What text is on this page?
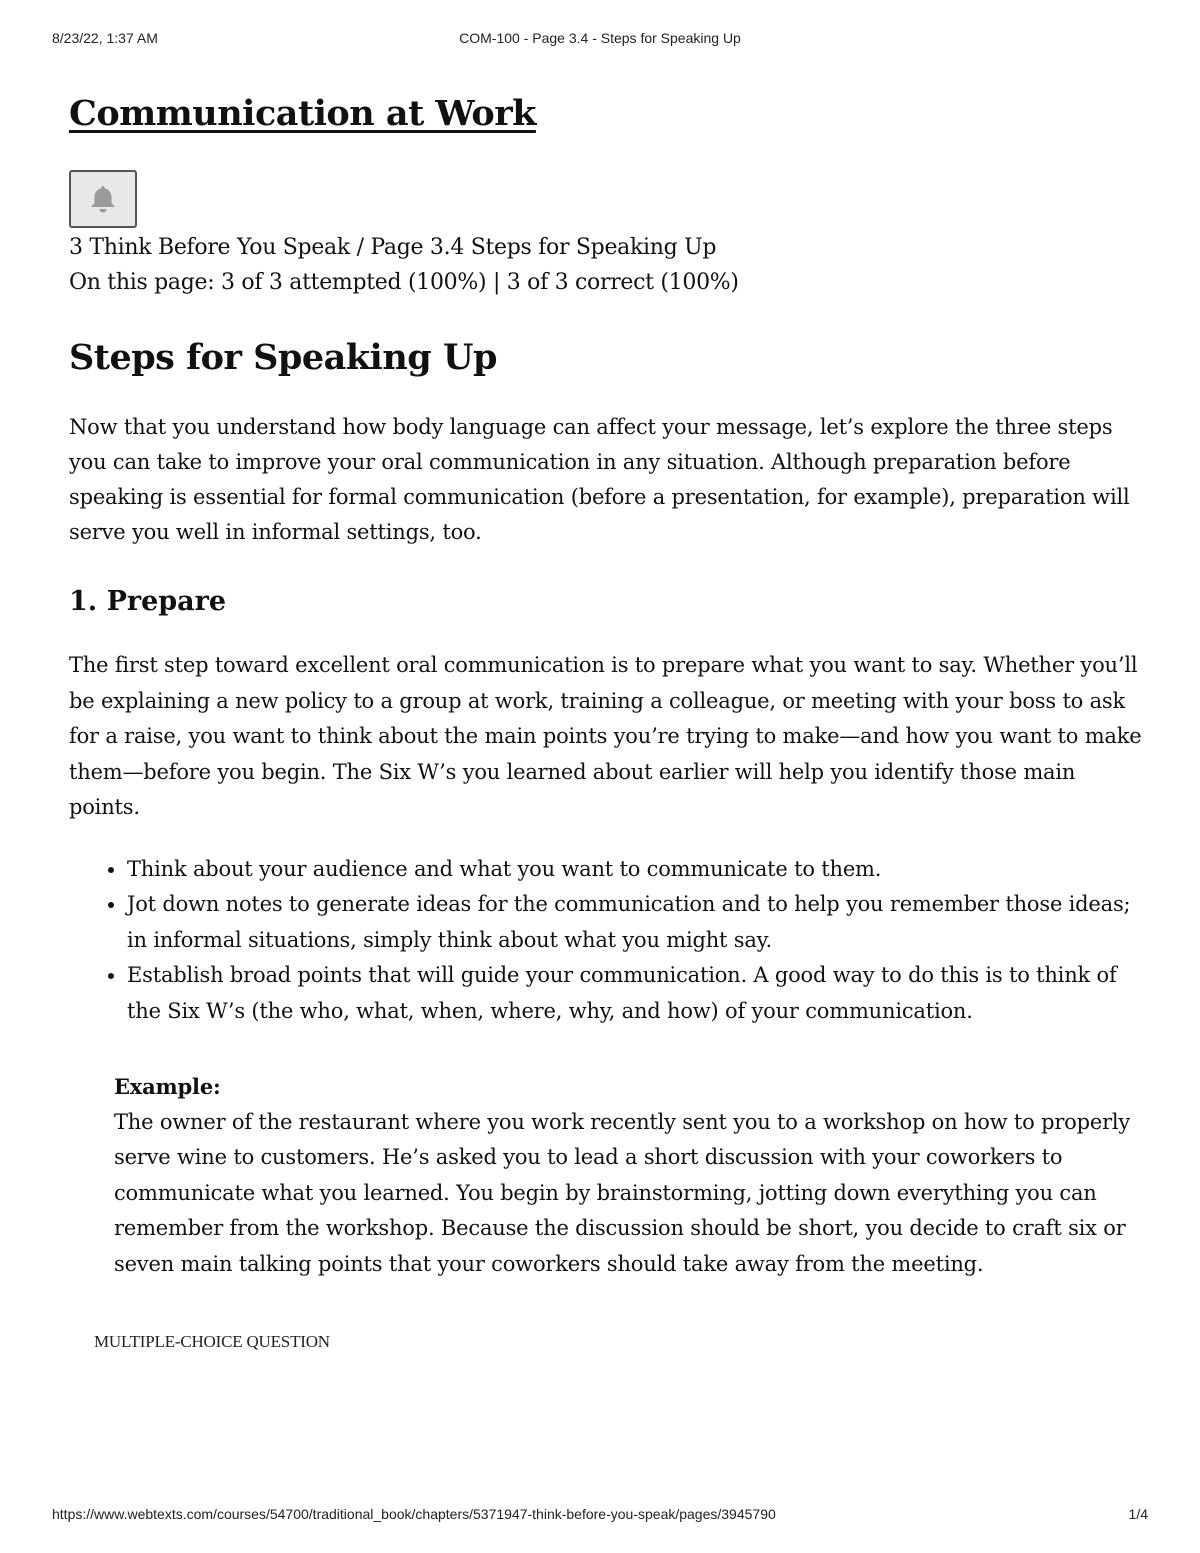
8/23/22, 1:37 AM	COM-100 - Page 3.4 - Steps for Speaking Up
Communication at Work

3 Think Before You Speak / Page 3.4 Steps for Speaking Up

On this page: 3 of 3 attempted (100%) | 3 of 3 correct (100%)

Steps for Speaking Up

Now that you understand how body language can affect your message, let’s explore the three steps you can take to improve your oral communication in any situation. Although preparation before speaking is essential for formal communication (before a presentation, for example), preparation will serve you well in informal settings, too.

1. Prepare

The first step toward excellent oral communication is to prepare what you want to say. Whether you’ll be explaining a new policy to a group at work, training a colleague, or meeting with your boss to ask for a raise, you want to think about the main points you’re trying to make—and how you want to make them—before you begin. The Six W’s you learned about earlier will help you identify those main points.

• Think about your audience and what you want to communicate to them.
• Jot down notes to generate ideas for the communication and to help you remember those ideas; in informal situations, simply think about what you might say.
• Establish broad points that will guide your communication. A good way to do this is to think of the Six W’s (the who, what, when, where, why, and how) of your communication.
Example:
The owner of the restaurant where you work recently sent you to a workshop on how to properly serve wine to customers. He’s asked you to lead a short discussion with your coworkers to communicate what you learned. You begin by brainstorming, jotting down everything you can remember from the workshop. Because the discussion should be short, you decide to craft six or seven main talking points that your coworkers should take away from the meeting.
MULTIPLE-CHOICE QUESTION
https://www.webtexts.com/courses/54700/traditional_book/chapters/5371947-think-before-you-speak/pages/3945790	1/4
